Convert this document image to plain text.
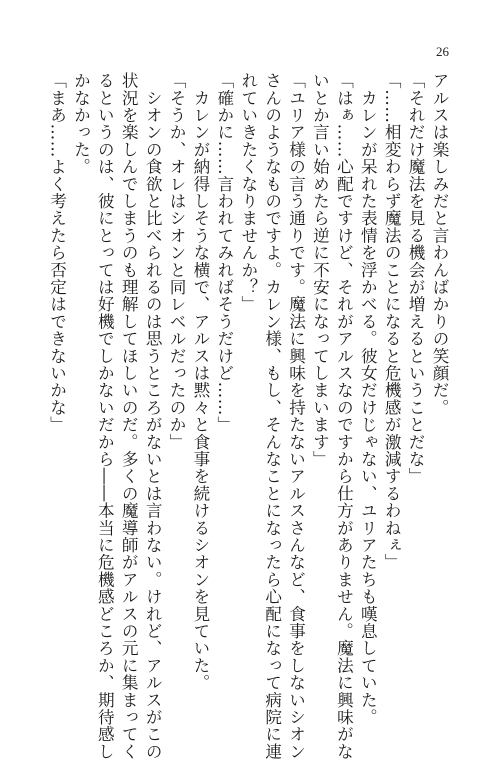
26
アルスは楽しみだと言わんばかりの笑顔だ。
「それだけ魔法を見る機会が増えるということだな」
「……相変わらず魔法のことになると危機感が激減するわねぇ」
　カレンが呆れた表情を浮かべる。彼女だけじゃない、ユリアたちも嘆息していた。
「はぁ……心配ですけど、それがアルスなのですから仕方がありません。魔法に興味がな
いとか言い始めたら逆に不安になってしまいます」
「ユリア様の言う通りです。魔法に興味を持たないアルスさんなど、食事をしないシオン
さんのようなものですよ。カレン様、もし、そんなことになったら心配になって病院に連
れていきたくなりませんか？」
「確かに……言われてみればそうだけど……」
　カレンが納得しそうな横で、アルスは黙々と食事を続けるシオンを見ていた。
「そうか、オレはシオンと同レベルだったのか」
　シオンの食欲と比べられるのは思うところがないとは言わない。けれど、アルスがこの
状況を楽しんでしまうのも理解してほしいのだ。多くの魔導師がアルスの元に集まってく
るというのは、彼にとっては好機でしかないだから――本当に危機感どころか、期待感し
かなかった。
「まあ……よく考えたら否定はできないかな」
